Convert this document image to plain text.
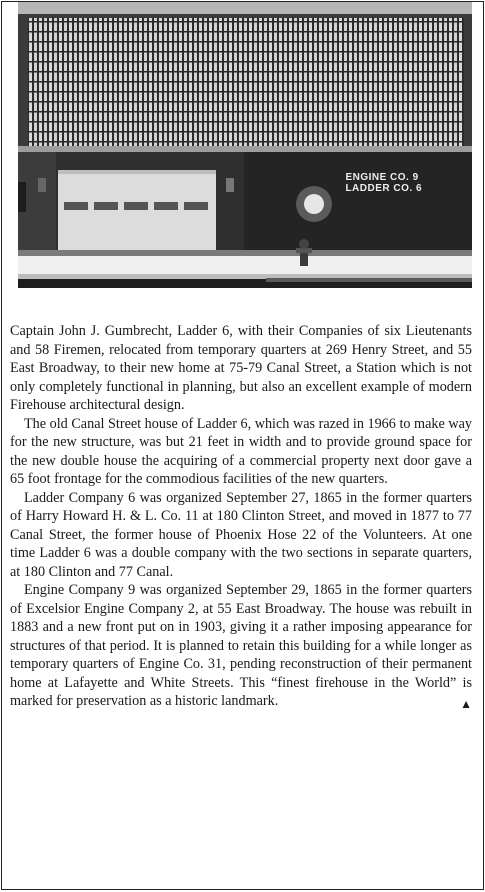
ENGINE CO. 9
LADDER CO. 6

Captain John J. Gumbrecht, Ladder 6, with their Companies of six Lieutenants and 58 Firemen, relocated from temporary quarters at 269 Henry Street, and 55 East Broadway, to their new home at 75-79 Canal Street, a Station which is not only completely functional in planning, but also an excellent example of modern Firehouse architectural design.

The old Canal Street house of Ladder 6, which was razed in 1966 to make way for the new structure, was but 21 feet in width and to provide ground space for the new double house the acquiring of a commercial property next door gave a 65 foot frontage for the commodious facilities of the new quarters.

Ladder Company 6 was organized September 27, 1865 in the former quarters of Harry Howard H. & L. Co. 11 at 180 Clinton Street, and moved in 1877 to 77 Canal Street, the former house of Phoenix Hose 22 of the Volunteers. At one time Ladder 6 was a double company with the two sections in separate quarters, at 180 Clinton and 77 Canal.

Engine Company 9 was organized September 29, 1865 in the former quarters of Excelsior Engine Company 2, at 55 East Broadway. The house was rebuilt in 1883 and a new front put on in 1903, giving it a rather imposing appearance for structures of that period. It is planned to retain this building for a while longer as temporary quarters of Engine Co. 31, pending reconstruction of their permanent home at Lafayette and White Streets. This “finest firehouse in the World” is marked for preservation as a historic landmark.	▲
